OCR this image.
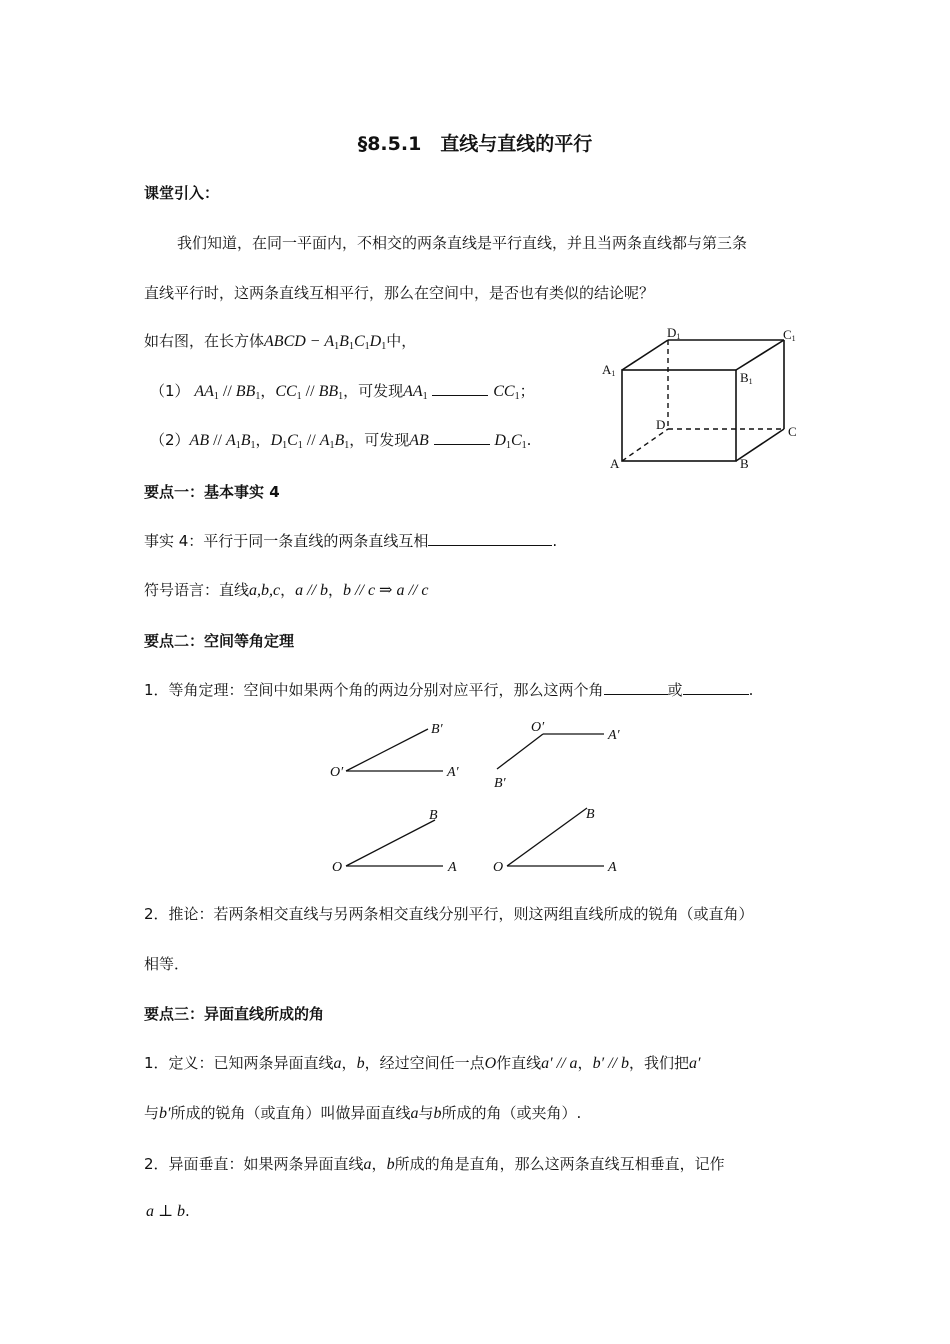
§8.5.1　直线与直线的平行
课堂引入：
我们知道，在同一平面内，不相交的两条直线是平行直线，并且当两条直线都与第三条
直线平行时，这两条直线互相平行，那么在空间中，是否也有类似的结论呢？
如右图，在长方体ABCD − $A_1B_1C_1D_1$中，
（1） $AA_1 // BB_1$，$CC_1 // BB_1$，可发现$AA_1$	$CC_1$；
$(2)AB // A_1B_1$，$D_1C_1 // A_1B_1$，可发现AB	$D_1C_1$.
D1	C1
A1	B1
D	C
A	B
要点一：基本事实 4
事实 4：平行于同一条直线的两条直线互相	.
符号语言：直线a,b,c，a // b，b // c ⇒ a // c
要点二：空间等角定理
1．等角定理：空间中如果两个角的两边分别对应平行，那么这两个角	或	.
B′
O′	A′
O′
A′
B′
B
O	A
B
O	A
2．推论：若两条相交直线与另两条相交直线分别平行，则这两组直线所成的锐角（或直角）
相等．
要点三：异面直线所成的角
1．定义：已知两条异面直线a，b，经过空间任一点O作直线a′ // a，b′ // b，我们把a′
与b′所成的锐角（或直角）叫做异面直线a与b所成的角（或夹角）.
2．异面垂直：如果两条异面直线a，b所成的角是直角，那么这两条直线互相垂直，记作
a ⊥ b.
